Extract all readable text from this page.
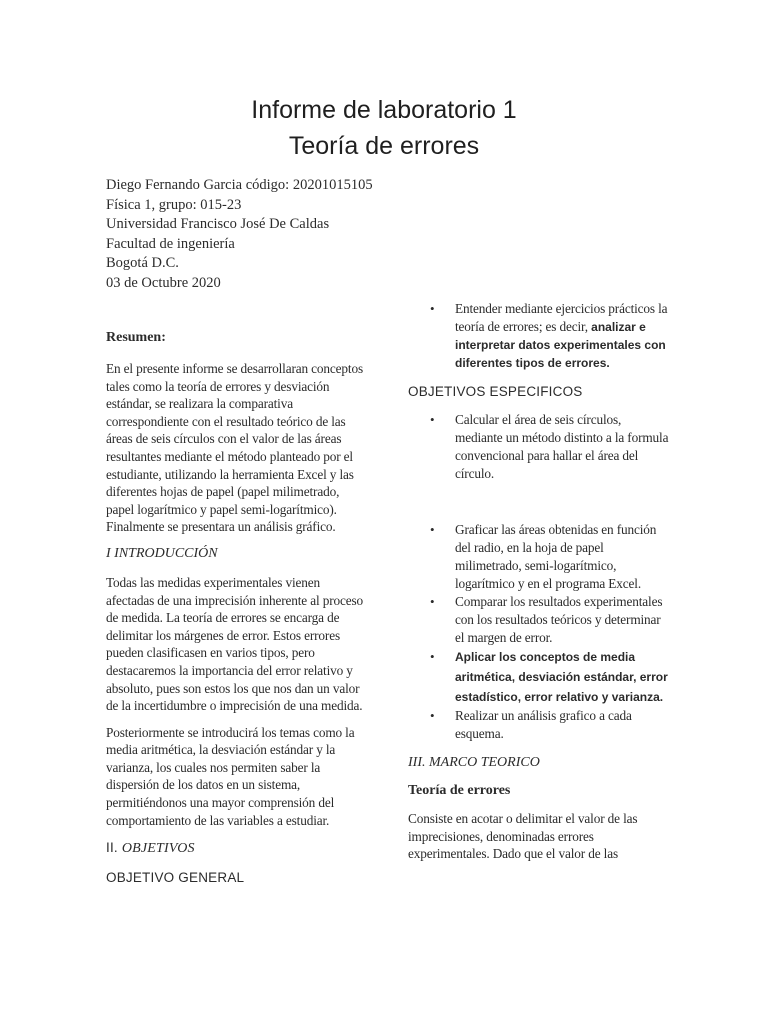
Informe de laboratorio 1
Teoría de errores
Diego Fernando Garcia código: 20201015105
Física 1, grupo: 015-23
Universidad Francisco José De Caldas
Facultad de ingeniería
Bogotá D.C.
03 de Octubre 2020

Resumen:

En el presente informe se desarrollaran conceptos tales como la teoría de errores y desviación estándar, se realizara la comparativa correspondiente con el resultado teórico de las áreas de seis círculos con el valor de las áreas resultantes mediante el método planteado por el estudiante, utilizando la herramienta Excel y las diferentes hojas de papel (papel milimetrado, papel logarítmico y papel semi-logarítmico). Finalmente se presentara un análisis gráfico.

I INTRODUCCIÓN

Todas las medidas experimentales vienen afectadas de una imprecisión inherente al proceso de medida. La teoría de errores se encarga de delimitar los márgenes de error. Estos errores pueden clasificasen en varios tipos, pero destacaremos la importancia del error relativo y absoluto, pues son estos los que nos dan un valor de la incertidumbre o imprecisión de una medida.

Posteriormente se introducirá los temas como la media aritmética, la desviación estándar y la varianza, los cuales nos permiten saber la dispersión de los datos en un sistema, permitiéndonos una mayor comprensión del comportamiento de las variables a estudiar.

II. OBJETIVOS

OBJETIVO GENERAL

• Entender mediante ejercicios prácticos la teoría de errores; es decir, analizar e interpretar datos experimentales con diferentes tipos de errores.

OBJETIVOS ESPECIFICOS

• Calcular el área de seis círculos, mediante un método distinto a la formula convencional para hallar el área del círculo.
• Graficar las áreas obtenidas en función del radio, en la hoja de papel milimetrado, semi-logarítmico, logarítmico y en el programa Excel.
• Comparar los resultados experimentales con los resultados teóricos y determinar el margen de error.
• Aplicar los conceptos de media aritmética, desviación estándar, error estadístico, error relativo y varianza.
• Realizar un análisis grafico a cada esquema.

III. MARCO TEORICO

Teoría de errores

Consiste en acotar o delimitar el valor de las imprecisiones, denominadas errores experimentales. Dado que el valor de las
